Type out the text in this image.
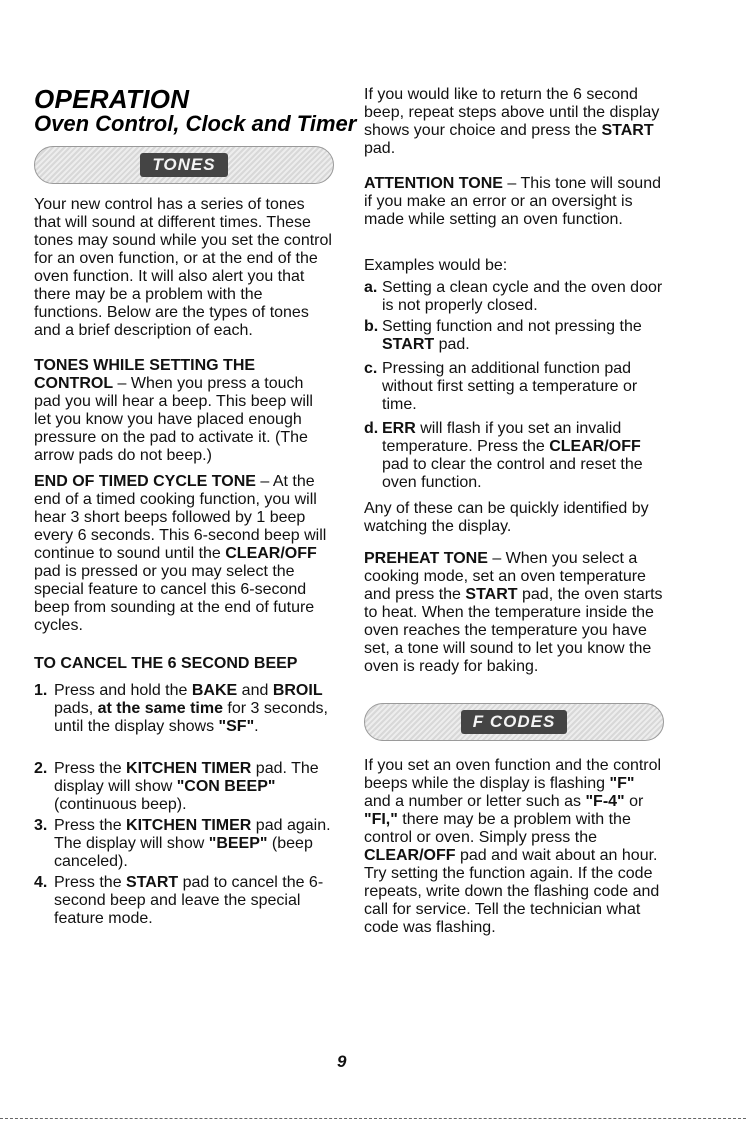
OPERATION
Oven Control, Clock and Timer
TONES

Your new control has a series of tones that will sound at different times. These tones may sound while you set the control for an oven function, or at the end of the oven function. It will also alert you that there may be a problem with the functions. Below are the types of tones and a brief description of each.

TONES WHILE SETTING THE CONTROL – When you press a touch pad you will hear a beep. This beep will let you know you have placed enough pressure on the pad to activate it. (The arrow pads do not beep.)

END OF TIMED CYCLE TONE – At the end of a timed cooking function, you will hear 3 short beeps followed by 1 beep every 6 seconds. This 6-second beep will continue to sound until the CLEAR/OFF pad is pressed or you may select the special feature to cancel this 6-second beep from sounding at the end of future cycles.

TO CANCEL THE 6 SECOND BEEP

1. Press and hold the BAKE and BROIL pads, at the same time for 3 seconds, until the display shows "SF".
2. Press the KITCHEN TIMER pad. The display will show "CON BEEP" (continuous beep).
3. Press the KITCHEN TIMER pad again. The display will show "BEEP" (beep canceled).
4. Press the START pad to cancel the 6-second beep and leave the special feature mode.

If you would like to return the 6 second beep, repeat steps above until the display shows your choice and press the START pad.

ATTENTION TONE – This tone will sound if you make an error or an oversight is made while setting an oven function.

Examples would be:

a. Setting a clean cycle and the oven door is not properly closed.
b. Setting function and not pressing the START pad.
c. Pressing an additional function pad without first setting a temperature or time.
d. ERR will flash if you set an invalid temperature. Press the CLEAR/OFF pad to clear the control and reset the oven function.

Any of these can be quickly identified by watching the display.

PREHEAT TONE – When you select a cooking mode, set an oven temperature and press the START pad, the oven starts to heat. When the temperature inside the oven reaches the temperature you have set, a tone will sound to let you know the oven is ready for baking.

F CODES

If you set an oven function and the control beeps while the display is flashing "F" and a number or letter such as "F-4" or "FI," there may be a problem with the control or oven. Simply press the CLEAR/OFF pad and wait about an hour. Try setting the function again. If the code repeats, write down the flashing code and call for service. Tell the technician what code was flashing.

9
